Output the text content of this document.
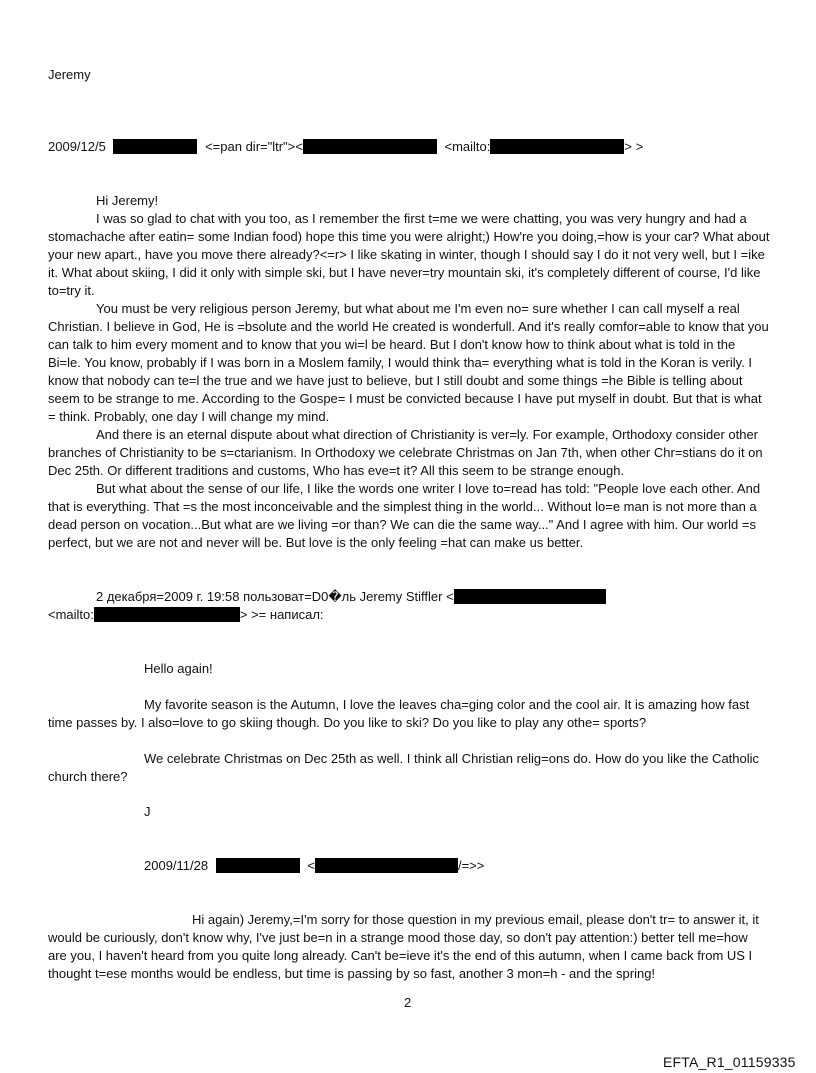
Jeremy
2009/12/5	<=pan dir="ltr"><	<mailto:	> >
Hi Jeremy!

I was so glad to chat with you too, as I remember the first t=me we were chatting, you was very hungry and had a stomachache after eatin= some Indian food) hope this time you were alright;) How're you doing,=how is your car? What about your new apart., have you move there already?<=r> I like skating in winter, though I should say I do it not very well, but I =ike it. What about skiing, I did it only with simple ski, but I have never=try mountain ski, it's completely different of course, I'd like to=try it.

You must be very religious person Jeremy, but what about me I'm even no= sure whether I can call myself a real Christian. I believe in God, He is =bsolute and the world He created is wonderfull. And it's really comfor=able to know that you can talk to him every moment and to know that you wi=l be heard. But I don't know how to think about what is told in the Bi=le. You know, probably if I was born in a Moslem family, I would think tha= everything what is told in the Koran is verily. I know that nobody can te=l the true and we have just to believe, but I still doubt and some things =he Bible is telling about seem to be strange to me. According to the Gospe= I must be convicted because I have put myself in doubt. But that is what = think. Probably, one day I will change my mind.

And there is an eternal dispute about what direction of Christianity is ver=ly. For example, Orthodoxy consider other branches of Christianity to be s=ctarianism. In Orthodoxy we celebrate Christmas on Jan 7th, when other Chr=stians do it on Dec 25th. Or different traditions and customs, Who has eve=t it? All this seem to be strange enough.

But what about the sense of our life, I like the words one writer I love to=read has told: "People love each other. And that is everything. That =s the most inconceivable and the simplest thing in the world... Without lo=e man is not more than a dead person on vocation...But what are we living =or than? We can die the same way..." And I agree with him. Our world =s perfect, but we are not and never will be. But love is the only feeling =hat can make us better.

2 декабря=2009 г. 19:58 пользоват=D0�ль Jeremy Stiffler <
<mailto:	> >= написал:
Hello again!

My favorite season is the Autumn, I love the leaves cha=ging color and the cool air. It is amazing how fast time passes by. I also=love to go skiing though. Do you like to ski? Do you like to play any othe= sports?

We celebrate Christmas on Dec 25th as well. I think all Christian relig=ons do. How do you like the Catholic church there?

J
2009/11/28	<	/=>>

Hi again) Jeremy,=I'm sorry for those question in my previous email, please don't tr= to answer it, it would be curiously, don't know why, I've just be=n in a strange mood those day, so don't pay attention:) better tell me=how are you, I haven't heard from you quite long already. Can't be=ieve it's the end of this autumn, when I came back from US I thought t=ese months would be endless, but time is passing by so fast, another 3 mon=h - and the spring!

2
EFTA_R1_01159335
